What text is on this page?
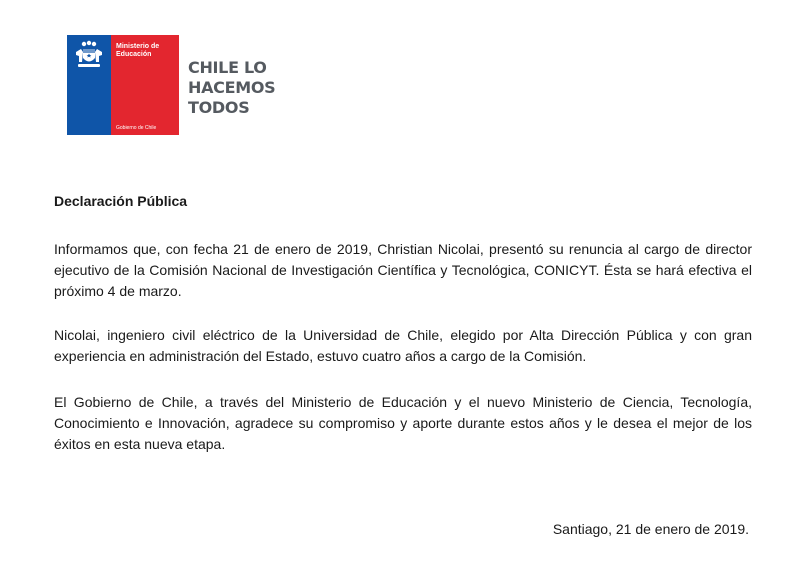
Ministerio de
Educación
Gobierno de Chile
CHILE LO
HACEMOS
TODOS
Declaración Pública
Informamos que, con fecha 21 de enero de 2019, Christian Nicolai, presentó su renuncia al cargo de director ejecutivo de la Comisión Nacional de Investigación Científica y Tecnológica, CONICYT. Ésta se hará efectiva el próximo 4 de marzo.
Nicolai, ingeniero civil eléctrico de la Universidad de Chile, elegido por Alta Dirección Pública y con gran experiencia en administración del Estado, estuvo cuatro años a cargo de la Comisión.
El Gobierno de Chile, a través del Ministerio de Educación y el nuevo Ministerio de Ciencia, Tecnología, Conocimiento e Innovación, agradece su compromiso y aporte durante estos años y le desea el mejor de los éxitos en esta nueva etapa.
Santiago, 21 de enero de 2019.
